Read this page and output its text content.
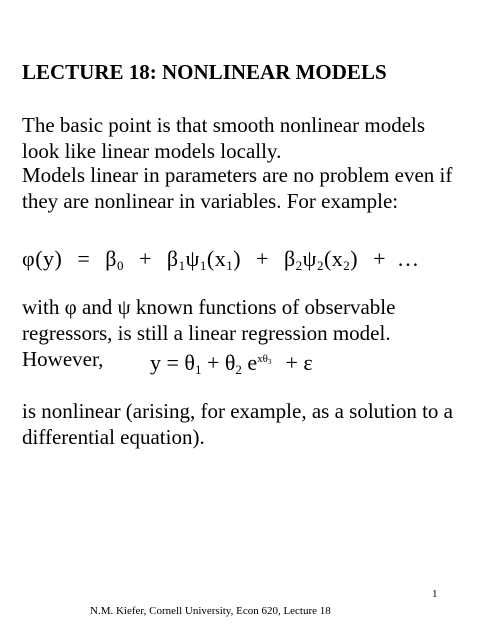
LECTURE 18: NONLINEAR MODELS
The basic point is that smooth nonlinear models
look like linear models locally.
Models linear in parameters are no problem even if
they are nonlinear in variables. For example:
$\varphi(y) = \beta_0 + \beta_1\psi_1(x_1) + \beta_2\psi_2(x_2)$ + …
with φ and ψ known functions of observable
regressors, is still a linear regression model.
However,	$y = \theta_1 + \theta_2$ $e^{x\theta_3} + \varepsilon$
is nonlinear (arising, for example, as a solution to a
differential equation).
1
N.M. Kiefer, Cornell University, Econ 620, Lecture 18
